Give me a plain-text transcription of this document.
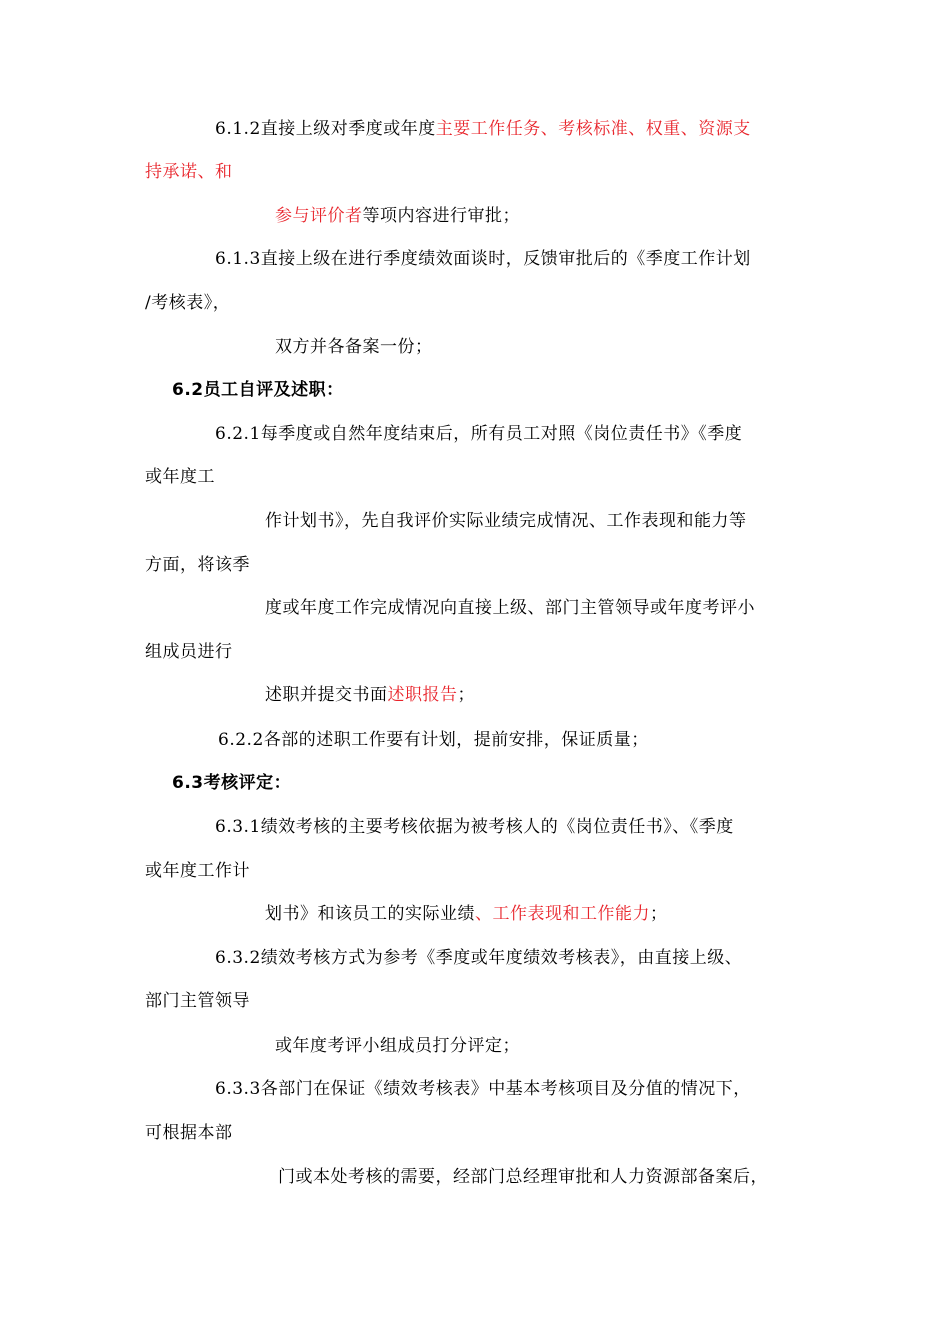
6.1.2直接上级对季度或年度主要工作任务、考核标准、权重、资源支
持承诺、和
参与评价者等项内容进行审批；
6.1.3直接上级在进行季度绩效面谈时，反馈审批后的《季度工作计划
/考核表》，
双方并各备案一份；
6.2员工自评及述职：
6.2.1每季度或自然年度结束后，所有员工对照《岗位责任书》《季度
或年度工
作计划书》，先自我评价实际业绩完成情况、工作表现和能力等
方面，将该季
度或年度工作完成情况向直接上级、部门主管领导或年度考评小
组成员进行
述职并提交书面述职报告；
6.2.2各部的述职工作要有计划，提前安排，保证质量；
6.3考核评定：
6.3.1绩效考核的主要考核依据为被考核人的《岗位责任书》、《季度
或年度工作计
划书》和该员工的实际业绩、工作表现和工作能力；
6.3.2绩效考核方式为参考《季度或年度绩效考核表》，由直接上级、
部门主管领导
或年度考评小组成员打分评定；
6.3.3各部门在保证《绩效考核表》中基本考核项目及分值的情况下，
可根据本部
门或本处考核的需要，经部门总经理审批和人力资源部备案后，
